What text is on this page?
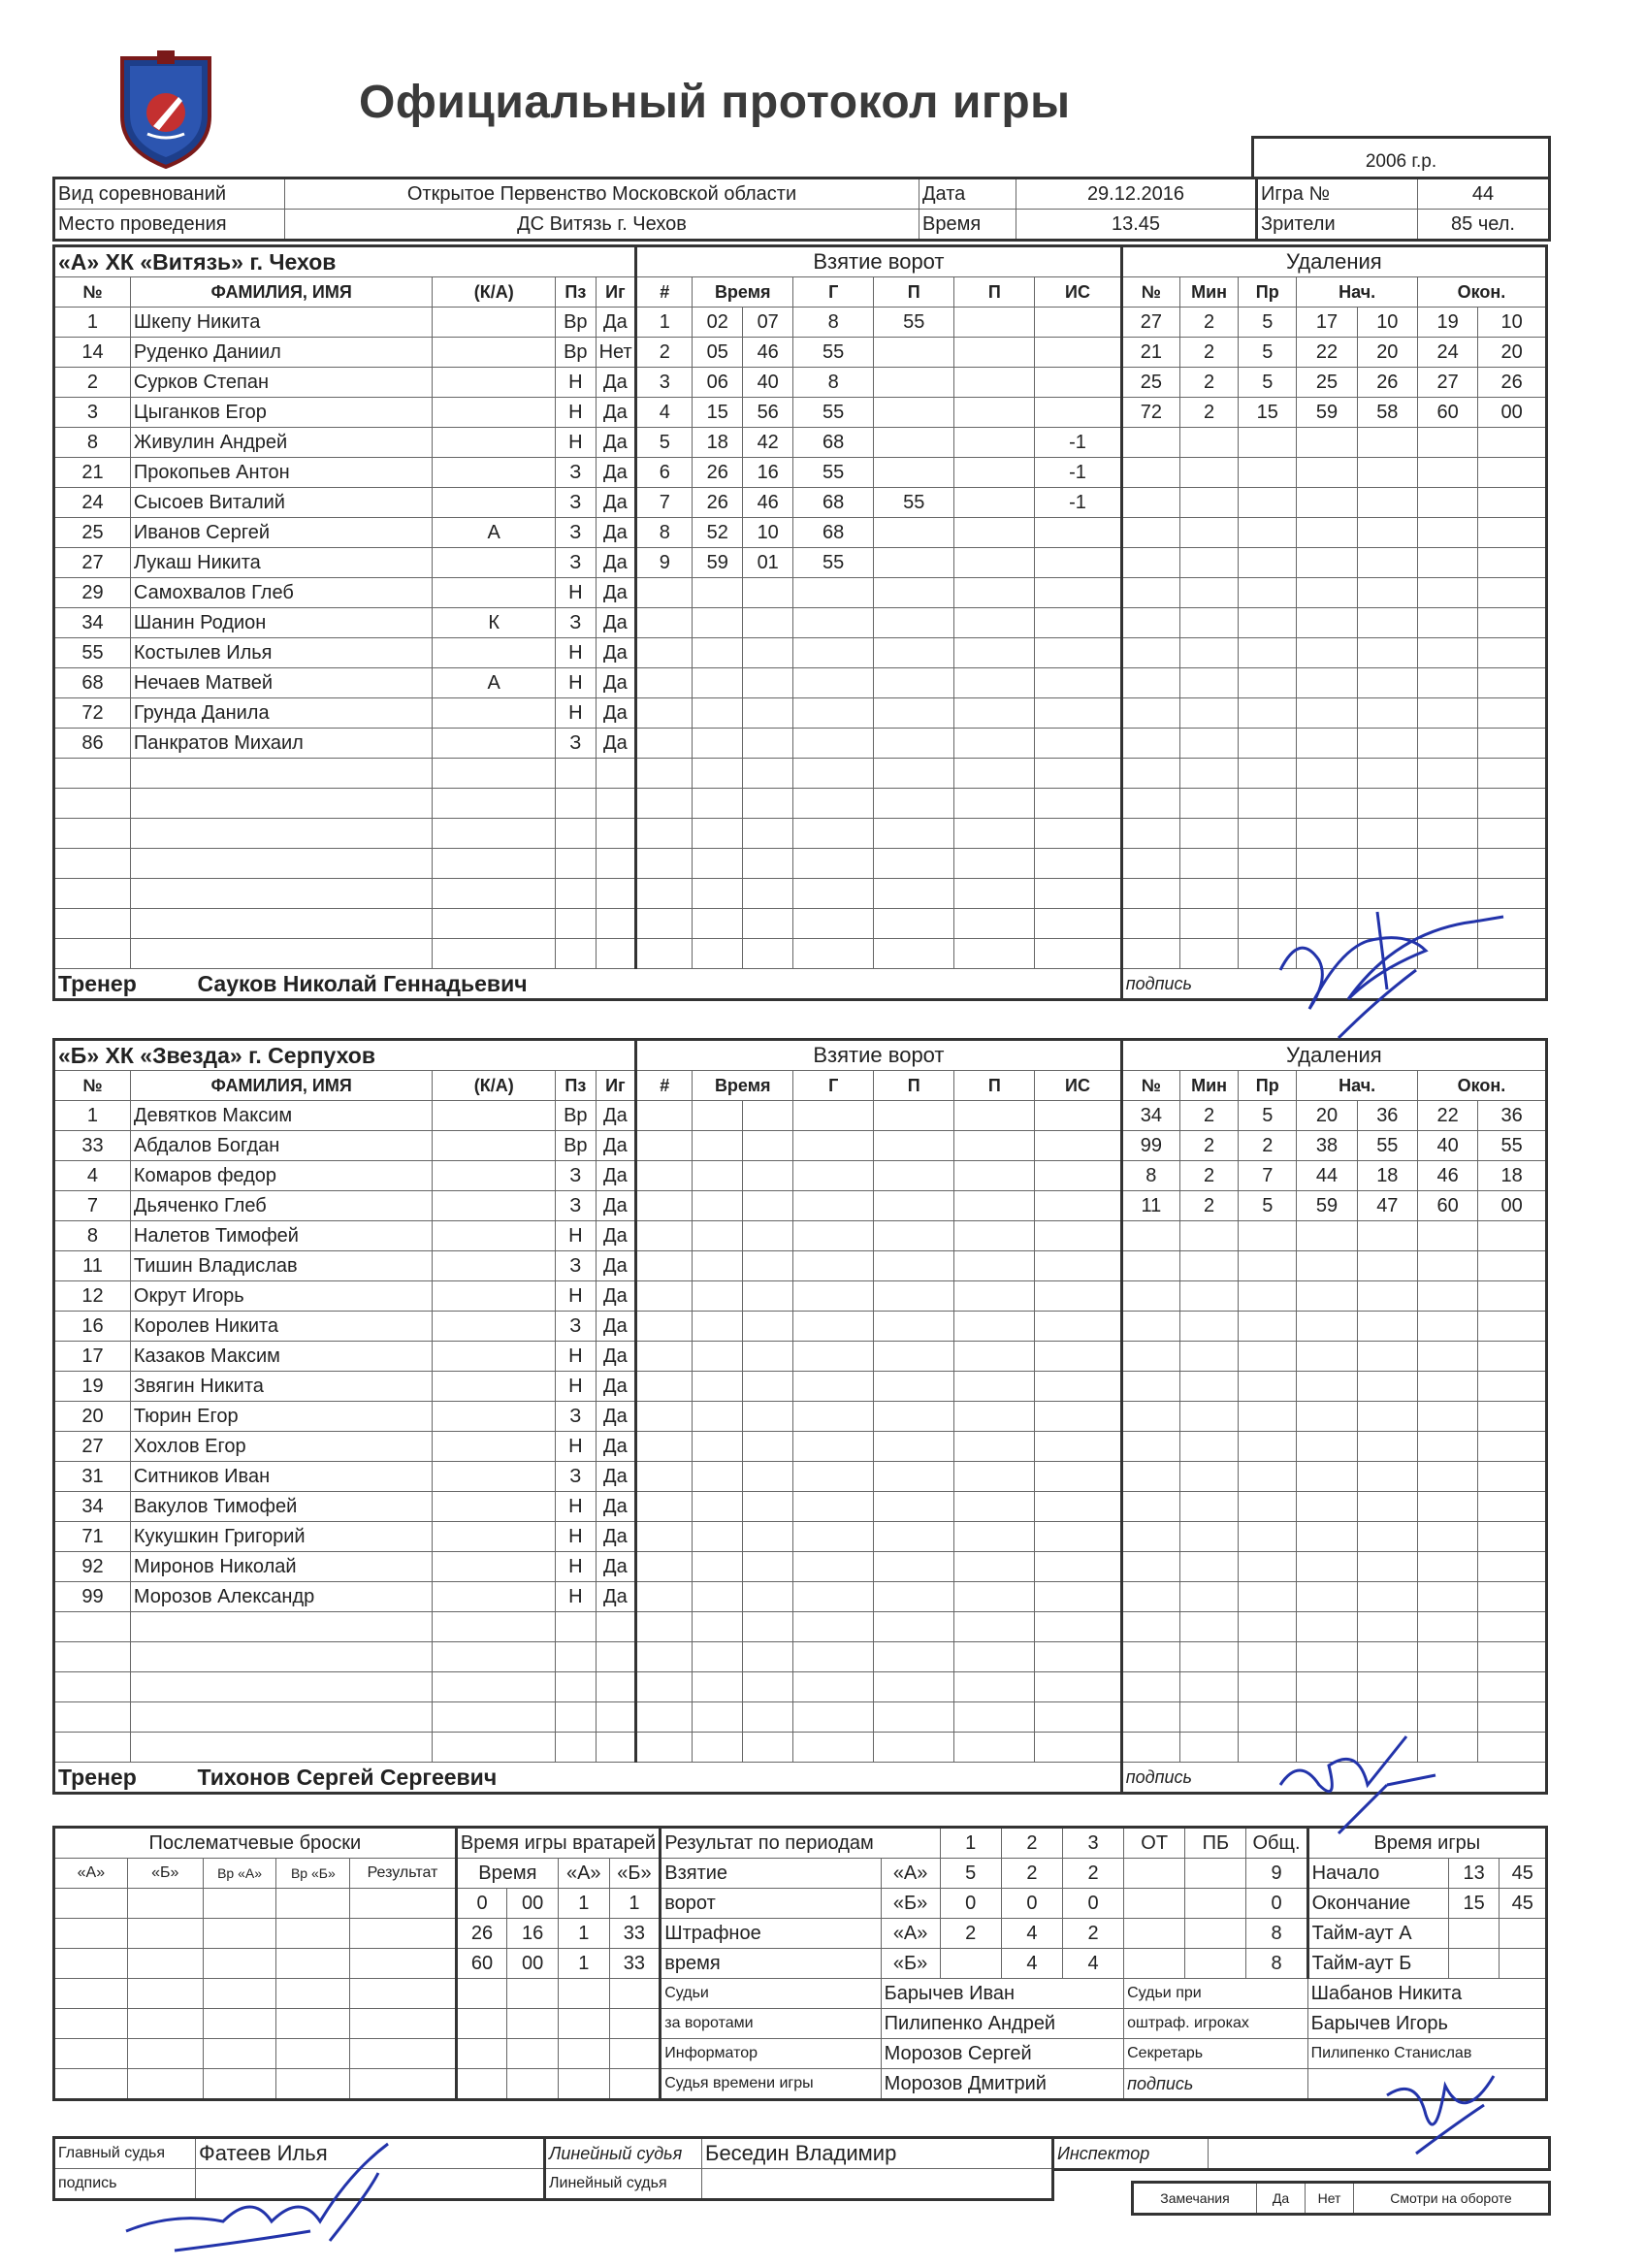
Официальный протокол игры
2006 г.р.
Вид соревнований	Открытое Первенство Московской области	Дата	29.12.2016	Игра №	44
Место проведения	ДС Витязь г. Чехов	Время	13.45	Зрители	85 чел.
«А» ХК «Витязь» г. Чехов					Взятие ворот							Удаления						
№	ФАМИЛИЯ, ИМЯ	(К/А)	Пз	Иг	#	Время		Г	П	П	ИС	№	Мин	Пр	Нач.		Окон.	
1	Шкепу Никита		Вр	Да	1	02	07	8	55			27	2	5	17	10	19	10
14	Руденко Даниил		Вр	Нет	2	05	46	55				21	2	5	22	20	24	20
2	Сурков Степан		Н	Да	3	06	40	8				25	2	5	25	26	27	26
3	Цыганков Егор		Н	Да	4	15	56	55				72	2	15	59	58	60	00
8	Живулин Андрей		Н	Да	5	18	42	68			-1							
21	Прокопьев Антон		З	Да	6	26	16	55			-1							
24	Сысоев Виталий		З	Да	7	26	46	68	55		-1							
25	Иванов Сергей	А	З	Да	8	52	10	68										
27	Лукаш Никита		З	Да	9	59	01	55										
29	Самохвалов Глеб		Н	Да														
34	Шанин Родион	К	З	Да														
55	Костылев Илья		Н	Да														
68	Нечаев Матвей	А	Н	Да														
72	Грунда Данила		Н	Да														
86	Панкратов Михаил		З	Да														

Тренер Сауков Николай Геннадьевич												подпись						
«Б» ХК «Звезда» г. Серпухов					Взятие ворот							Удаления						
№	ФАМИЛИЯ, ИМЯ	(К/А)	Пз	Иг	#	Время		Г	П	П	ИС	№	Мин	Пр	Нач.		Окон.	
1	Девятков Максим		Вр	Да								34	2	5	20	36	22	36
33	Абдалов Богдан		Вр	Да								99	2	2	38	55	40	55
4	Комаров федор		З	Да								8	2	7	44	18	46	18
7	Дьяченко Глеб		З	Да								11	2	5	59	47	60	00
8	Налетов Тимофей		Н	Да														
11	Тишин Владислав		З	Да														
12	Окрут Игорь		Н	Да														
16	Королев Никита		З	Да														
17	Казаков Максим		Н	Да														
19	Звягин Никита		Н	Да														
20	Тюрин Егор		З	Да														
27	Хохлов Егор		Н	Да														
31	Ситников Иван		З	Да														
34	Вакулов Тимофей		Н	Да														
71	Кукушкин Григорий		Н	Да														
92	Миронов Николай		Н	Да														
99	Морозов Александр		Н	Да														

Тренер Тихонов Сергей Сергеевич												подпись						
Послематчевые броски					Время игры вратарей				Результат по периодам		1	2	3	ОТ	ПБ	Общ.	Время игры		
«А»	«Б»	Вр «А»	Вр «Б»	Результат	Время		«А»	«Б»	Взятие	«А»	5	2	2			9	Начало	13	45
					0	00	1	1	ворот	«Б»	0	0	0			0	Окончание	15	45
					26	16	1	33	Штрафное	«А»	2	4	2			8	Тайм-аут А		
					60	00	1	33	время	«Б»		4	4			8	Тайм-аут Б		
									Судьи	Барычев Иван				Судьи при			Шабанов Никита		
									за воротами	Пилипенко Андрей				оштраф. игроках			Барычев Игорь		
									Информатор	Морозов Сергей				Секретарь			Пилипенко Станислав		
									Судья времени игры	Морозов Дмитрий				подпись					
Главный судья	Фатеев Илья	Линейный судья	Беседин Владимир
подпись		Линейный судья	
Инспектор	
Замечания	Да	Нет	Смотри на обороте
